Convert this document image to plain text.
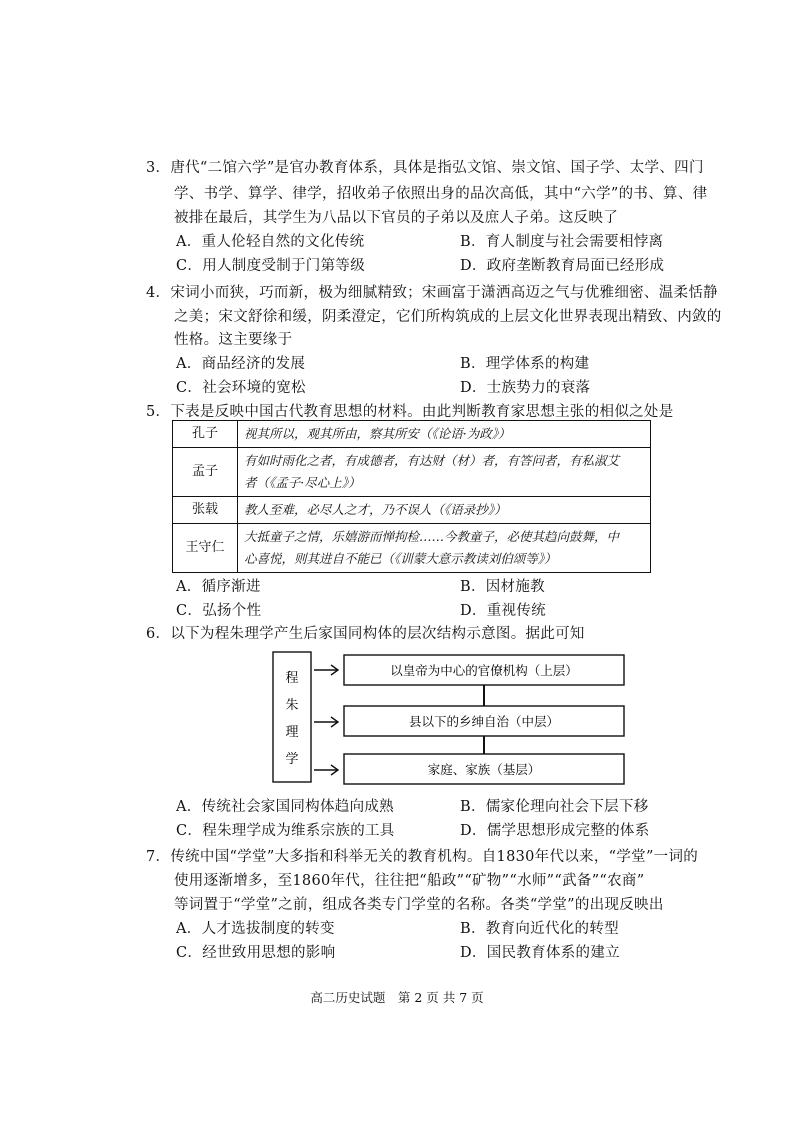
3．唐代“二馆六学”是官办教育体系，具体是指弘文馆、崇文馆、国子学、太学、四门
学、书学、算学、律学，招收弟子依照出身的品次高低，其中“六学”的书、算、律
被排在最后，其学生为八品以下官员的子弟以及庶人子弟。这反映了
A．重人伦轻自然的文化传统	B．育人制度与社会需要相悖离
C．用人制度受制于门第等级	D．政府垄断教育局面已经形成
4．宋词小而狭，巧而新，极为细腻精致；宋画富于潇洒高迈之气与优雅细密、温柔恬静
之美；宋文舒徐和缓，阴柔澄定，它们所构筑成的上层文化世界表现出精致、内敛的
性格。这主要缘于
A．商品经济的发展	B．理学体系的构建
C．社会环境的宽松	D．士族势力的衰落
5．下表是反映中国古代教育思想的材料。由此判断教育家思想主张的相似之处是
孔子	视其所以，观其所由，察其所安（《论语·为政》）
孟子	有如时雨化之者，有成德者，有达财（材）者，有答问者，有私淑艾
者（《孟子·尽心上》）
张载	教人至难，必尽人之才，乃不误人（《语录抄》）
王守仁	大抵童子之情，乐嬉游而惮拘检……今教童子，必使其趋向鼓舞，中
心喜悦，则其进自不能已（《训蒙大意示教读刘伯颂等》）
A．循序渐进	B．因材施教
C．弘扬个性	D．重视传统
6．以下为程朱理学产生后家国同构体的层次结构示意图。据此可知
程
朱
理
学
以皇帝为中心的官僚机构（上层）
县以下的乡绅自治（中层）
家庭、家族（基层）
A．传统社会家国同构体趋向成熟	B．儒家伦理向社会下层下移
C．程朱理学成为维系宗族的工具	D．儒学思想形成完整的体系
7．传统中国“学堂”大多指和科举无关的教育机构。自1830年代以来，“学堂”一词的
使用逐渐增多，至1860年代，往往把“船政”“矿物”“水师”“武备”“农商”
等词置于“学堂”之前，组成各类专门学堂的名称。各类“学堂”的出现反映出
A．人才选拔制度的转变	B．教育向近代化的转型
C．经世致用思想的影响	D．国民教育体系的建立
高二历史试题　第 2 页 共 7 页
